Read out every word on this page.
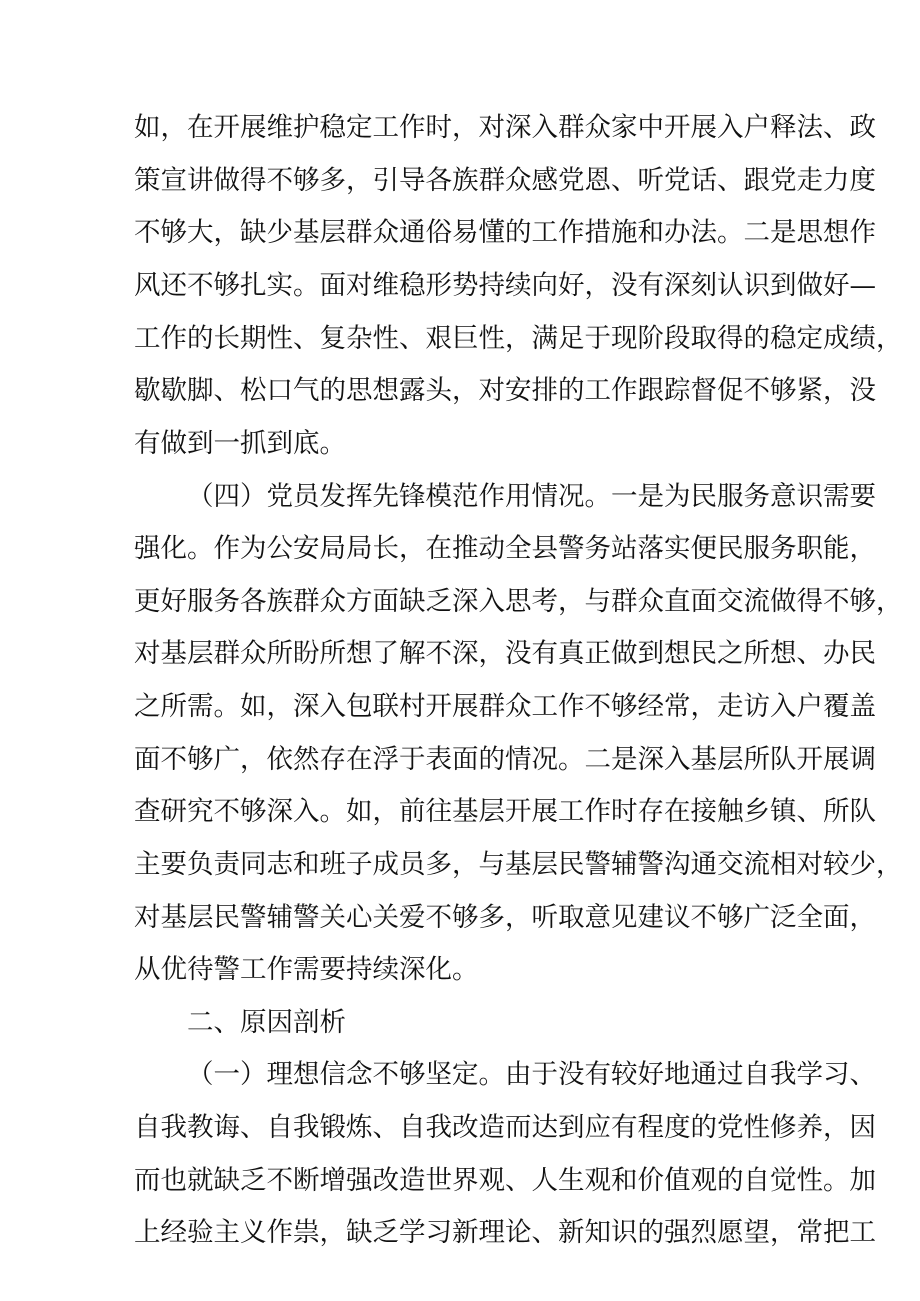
如，在开展维护稳定工作时，对深入群众家中开展入户释法、政
策宣讲做得不够多，引导各族群众感党恩、听党话、跟党走力度
不够大，缺少基层群众通俗易懂的工作措施和办法。二是思想作
风还不够扎实。面对维稳形势持续向好，没有深刻认识到做好—
工作的长期性、复杂性、艰巨性，满足于现阶段取得的稳定成绩，
歇歇脚、松口气的思想露头，对安排的工作跟踪督促不够紧，没
有做到一抓到底。
（四）党员发挥先锋模范作用情况。一是为民服务意识需要
强化。作为公安局局长，在推动全县警务站落实便民服务职能，
更好服务各族群众方面缺乏深入思考，与群众直面交流做得不够，
对基层群众所盼所想了解不深，没有真正做到想民之所想、办民
之所需。如，深入包联村开展群众工作不够经常，走访入户覆盖
面不够广，依然存在浮于表面的情况。二是深入基层所队开展调
查研究不够深入。如，前往基层开展工作时存在接触乡镇、所队
主要负责同志和班子成员多，与基层民警辅警沟通交流相对较少，
对基层民警辅警关心关爱不够多，听取意见建议不够广泛全面，
从优待警工作需要持续深化。
二、原因剖析
（一）理想信念不够坚定。由于没有较好地通过自我学习、
自我教诲、自我锻炼、自我改造而达到应有程度的党性修养，因
而也就缺乏不断增强改造世界观、人生观和价值观的自觉性。加
上经验主义作祟，缺乏学习新理论、新知识的强烈愿望，常把工
